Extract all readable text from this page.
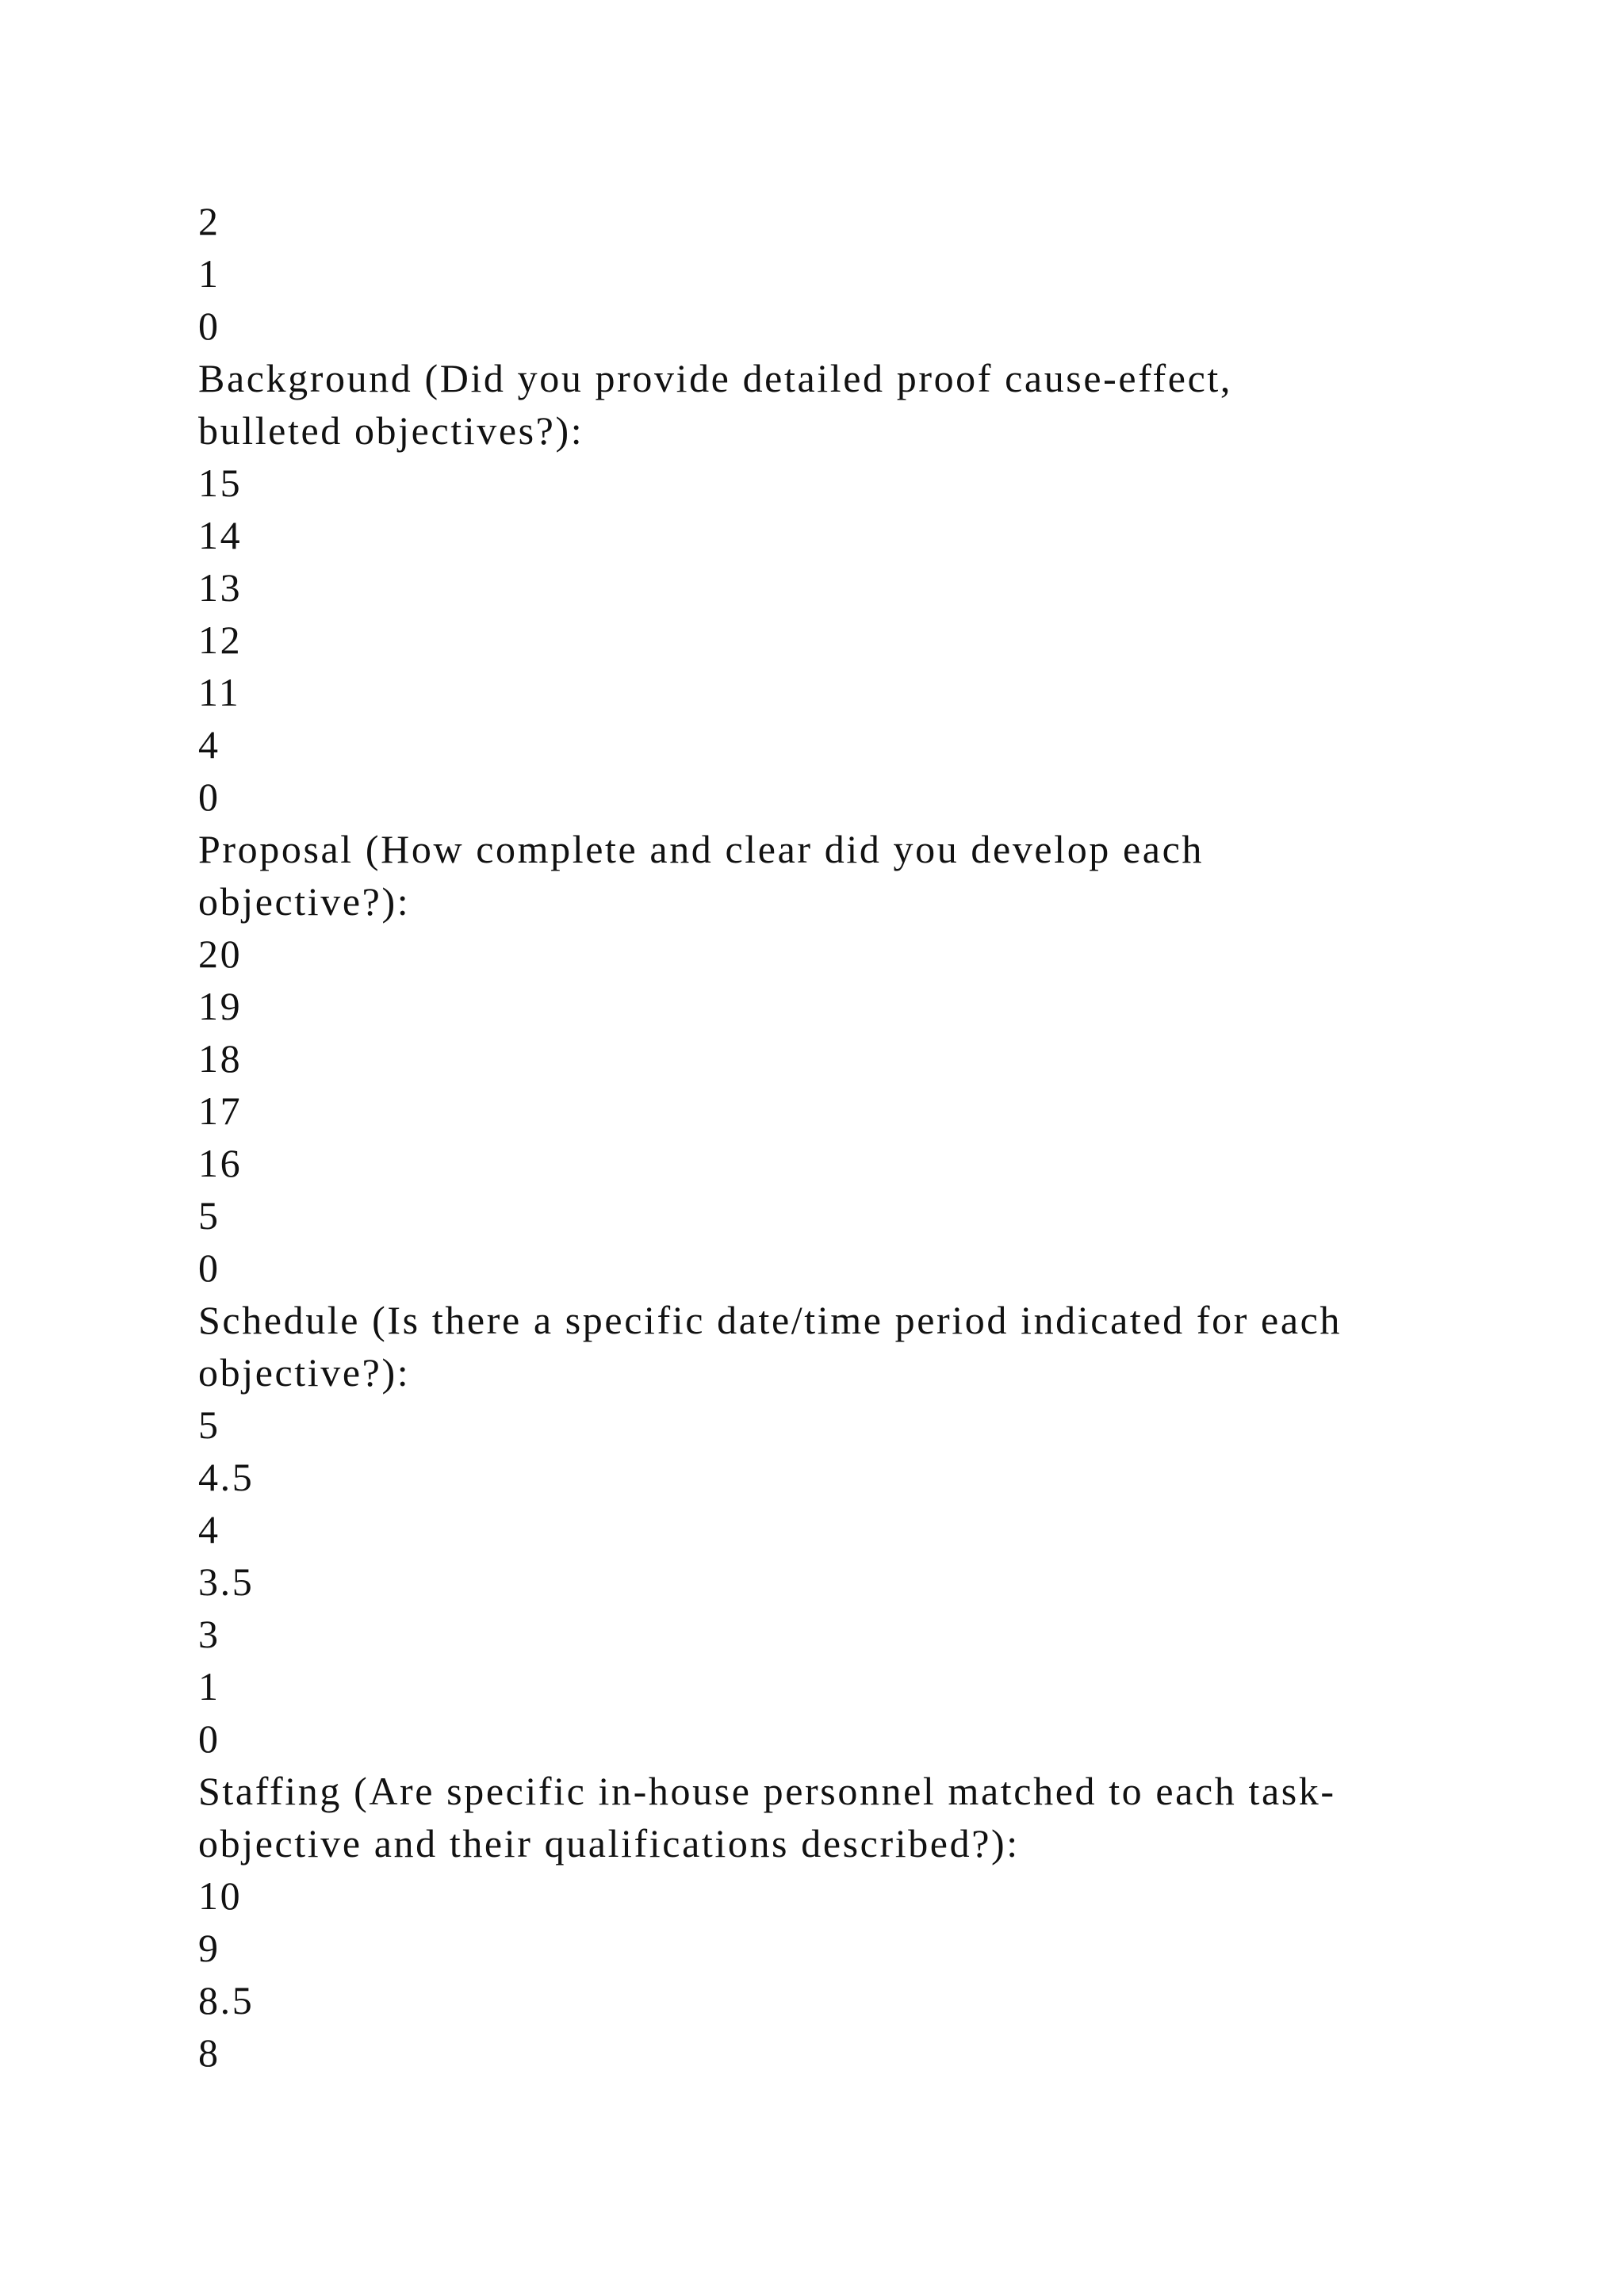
2
1
0
Background (Did you provide detailed proof cause-effect,
bulleted objectives?):
15
14
13
12
11
4
0
Proposal (How complete and clear did you develop each
objective?):
20
19
18
17
16
5
0
Schedule (Is there a specific date/time period indicated for each
objective?):
5
4.5
4
3.5
3
1
0
Staffing (Are specific in-house personnel matched to each task-
objective and their qualifications described?):
10
9
8.5
8
